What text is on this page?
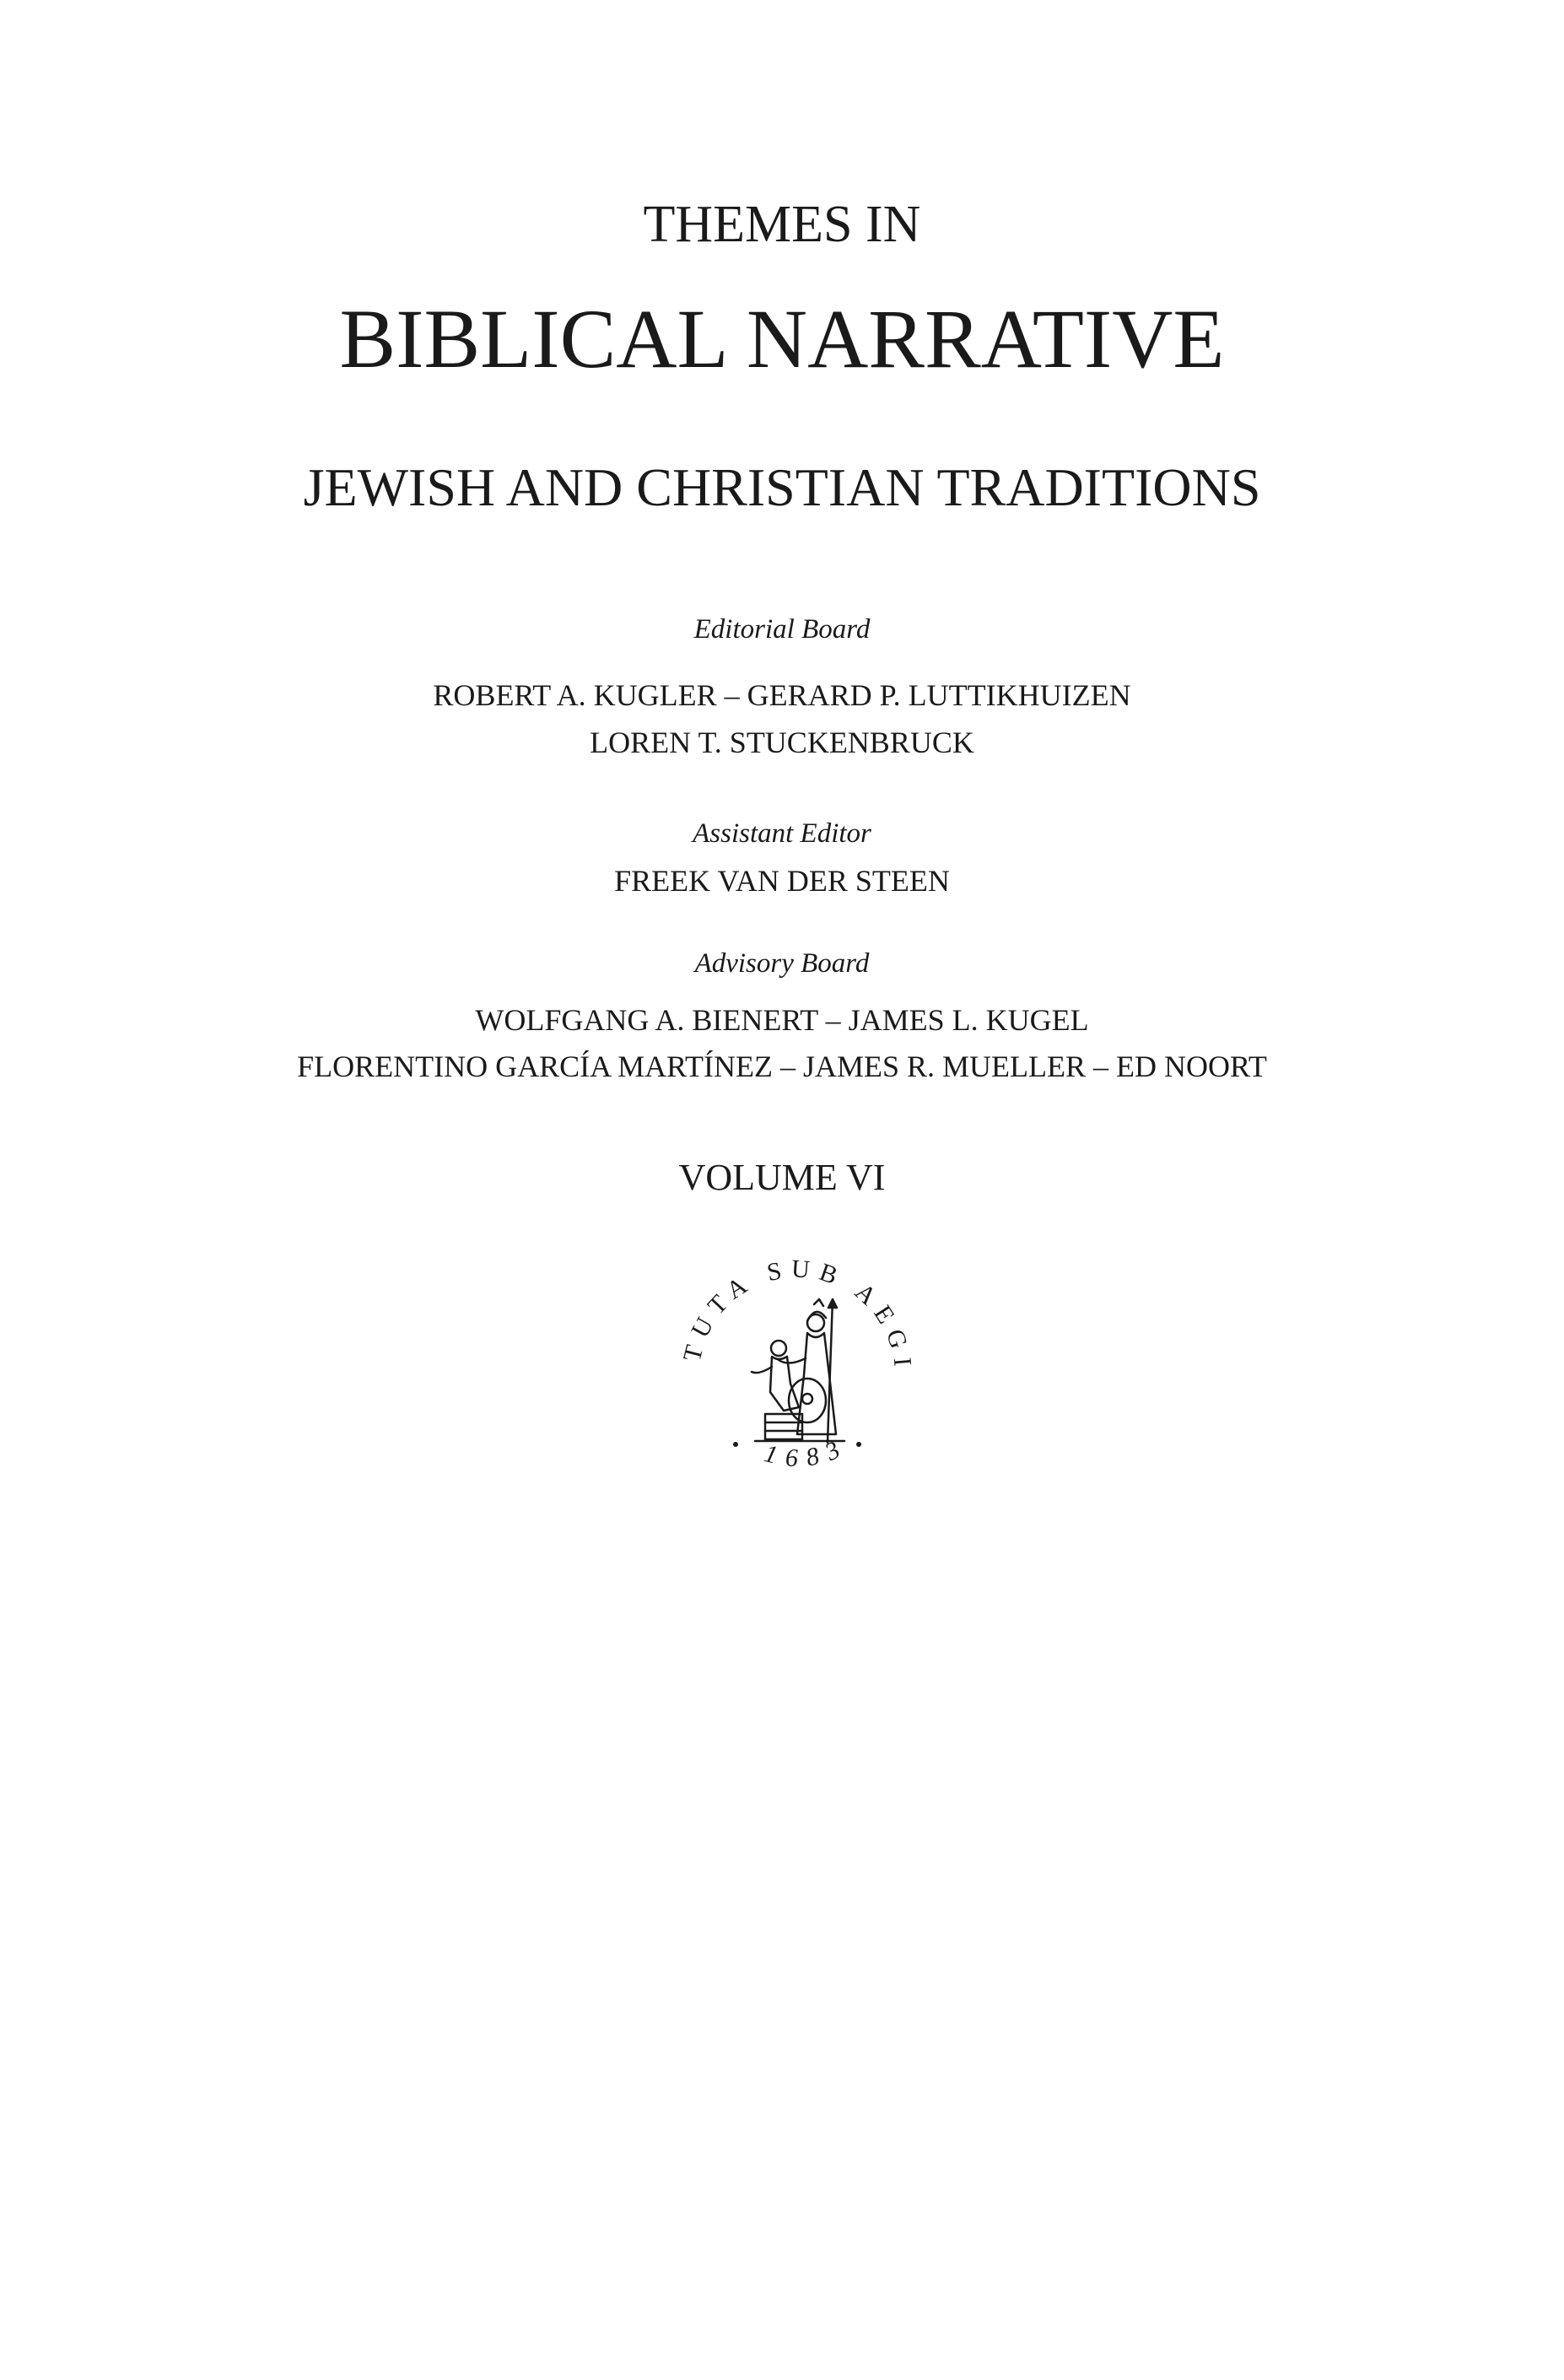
THEMES IN
BIBLICAL NARRATIVE
JEWISH AND CHRISTIAN TRADITIONS
Editorial Board
ROBERT A. KUGLER – GERARD P. LUTTIKHUIZEN
LOREN T. STUCKENBRUCK
Assistant Editor
FREEK VAN DER STEEN
Advisory Board
WOLFGANG A. BIENERT – JAMES L. KUGEL
FLORENTINO GARCÍA MARTÍNEZ – JAMES R. MUELLER – ED NOORT
VOLUME VI
TUTA SUB AEGI
1683
